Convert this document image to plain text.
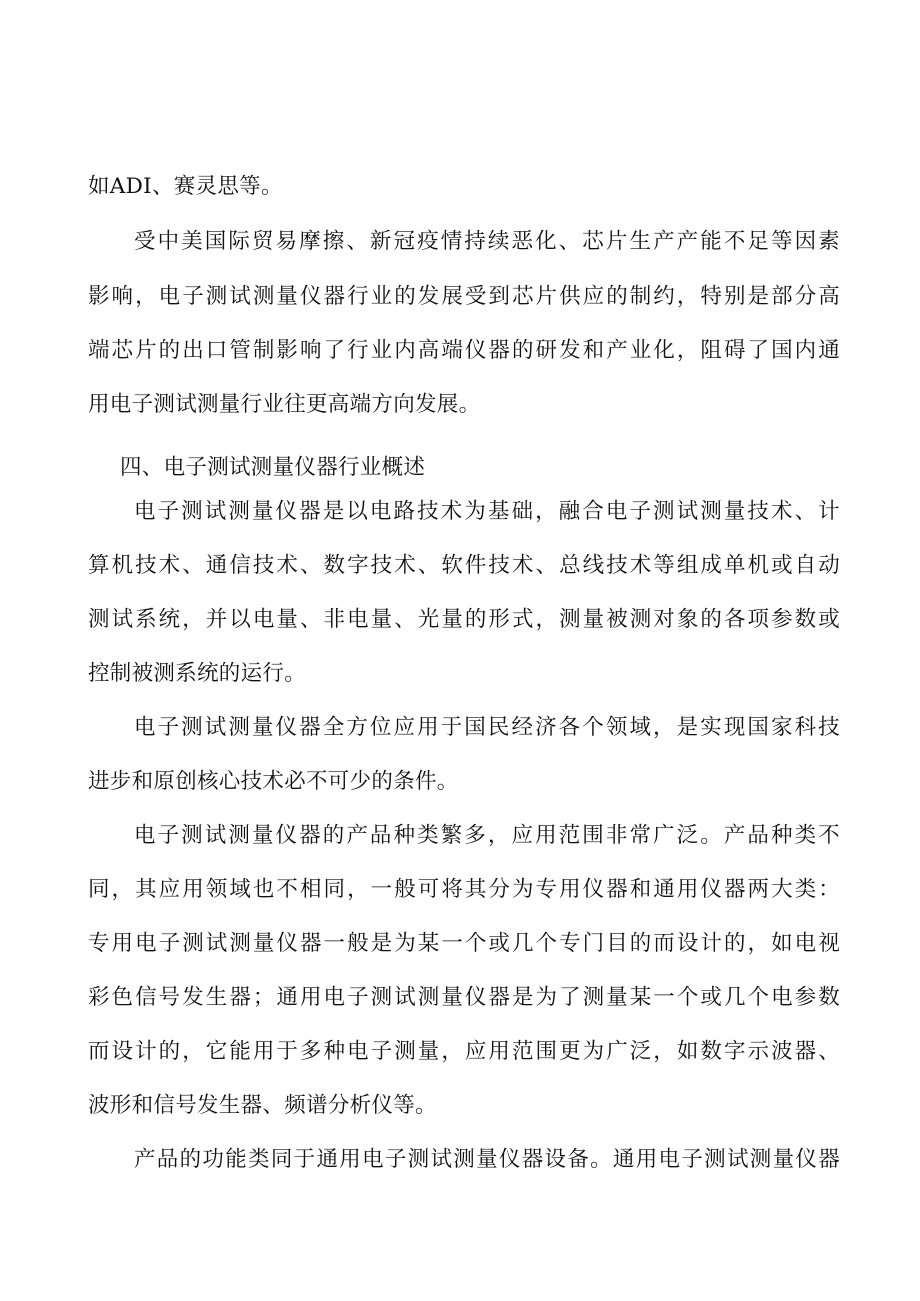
如ADI、赛灵思等。
受中美国际贸易摩擦、新冠疫情持续恶化、芯片生产产能不足等因素
影响，电子测试测量仪器行业的发展受到芯片供应的制约，特别是部分高
端芯片的出口管制影响了行业内高端仪器的研发和产业化，阻碍了国内通
用电子测试测量行业往更高端方向发展。
四、电子测试测量仪器行业概述
电子测试测量仪器是以电路技术为基础，融合电子测试测量技术、计
算机技术、通信技术、数字技术、软件技术、总线技术等组成单机或自动
测试系统，并以电量、非电量、光量的形式，测量被测对象的各项参数或
控制被测系统的运行。
电子测试测量仪器全方位应用于国民经济各个领域，是实现国家科技
进步和原创核心技术必不可少的条件。
电子测试测量仪器的产品种类繁多，应用范围非常广泛。产品种类不
同，其应用领域也不相同，一般可将其分为专用仪器和通用仪器两大类：
专用电子测试测量仪器一般是为某一个或几个专门目的而设计的，如电视
彩色信号发生器；通用电子测试测量仪器是为了测量某一个或几个电参数
而设计的，它能用于多种电子测量，应用范围更为广泛，如数字示波器、
波形和信号发生器、频谱分析仪等。
产品的功能类同于通用电子测试测量仪器设备。通用电子测试测量仪器
